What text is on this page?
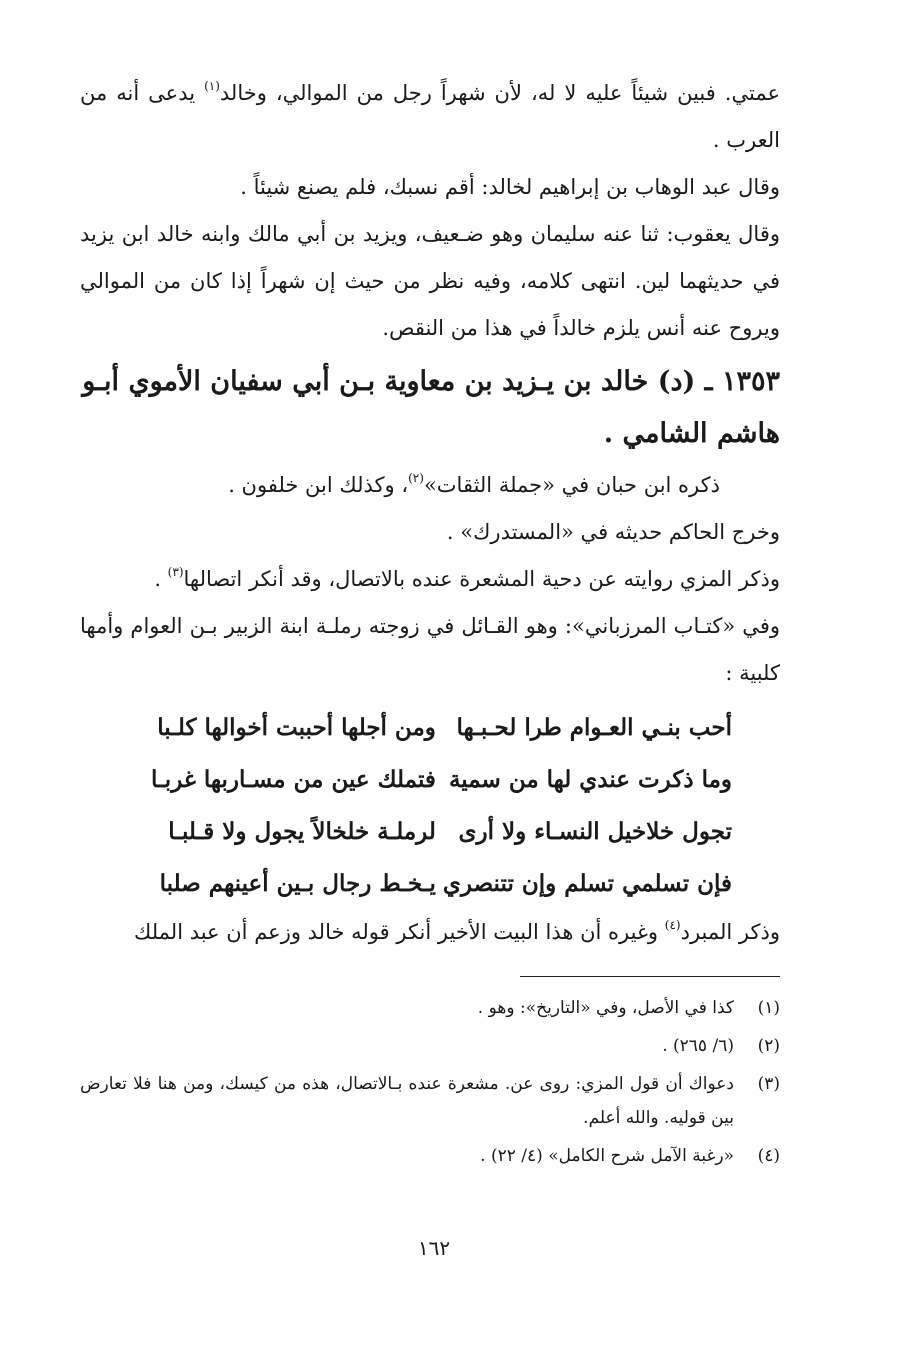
عمتي. فبين شيئاً عليه لا له، لأن شهراً رجل من الموالي، وخالد$^{(١)}$ يدعى أنه من العرب .

وقال عبد الوهاب بن إبراهيم لخالد: أقم نسبك، فلم يصنع شيئاً .

وقال يعقوب: ثنا عنه سليمان وهو ضـعيف، ويزيد بن أبي مالك وابنه خالد ابن يزيد في حديثهما لين. انتهى كلامه، وفيه نظر من حيث إن شهراً إذا كان من الموالي ويروح عنه أنس يلزم خالداً في هذا من النقص.

١٣٥٣ ـ (د) خالد بن يـزيد بن معاوية بـن أبي سفيان الأموي أبـو هاشم الشامي .

ذكره ابن حبان في «جملة الثقات»$^{(٢)}$، وكذلك ابن خلفون .

وخرج الحاكم حديثه في «المستدرك» .

وذكر المزي روايته عن دحية المشعرة عنده بالاتصال، وقد أنكر اتصالها$^{(٣)}$ .

وفي «كتـاب المرزباني»: وهو القـائل في زوجته رملـة ابنة الزبير بـن العوام وأمها كلبية :

أحب بنـي العـوام طرا لحـبـها
ومن أجلها أحببت أخوالها كلـبا
وما ذكرت عندي لها من سمية
فتملك عين من مسـاربها غربـا
تجول خلاخيل النسـاء ولا أرى
لرملـة خلخالاً يجول ولا قـلبـا
فإن تسلمي تسلم وإن تتنصري
يـخـط رجال بـين أعينهم صلبا

وذكر المبرد$^{(٤)}$ وغيره أن هذا البيت الأخير أنكر قوله خالد وزعم أن عبد الملك

(١)
كذا في الأصل، وفي «التاريخ»: وهو .
(٢)
(٦/ ٢٦٥) .
(٣)
دعواك أن قول المزي: روى عن. مشعرة عنده بـالاتصال، هذه من كيسك، ومن هنا فلا تعارض بين قوليه. والله أعلم.
(٤)
«رغبة الآمل شرح الكامل» (٤/ ٢٢) .
١٦٢
